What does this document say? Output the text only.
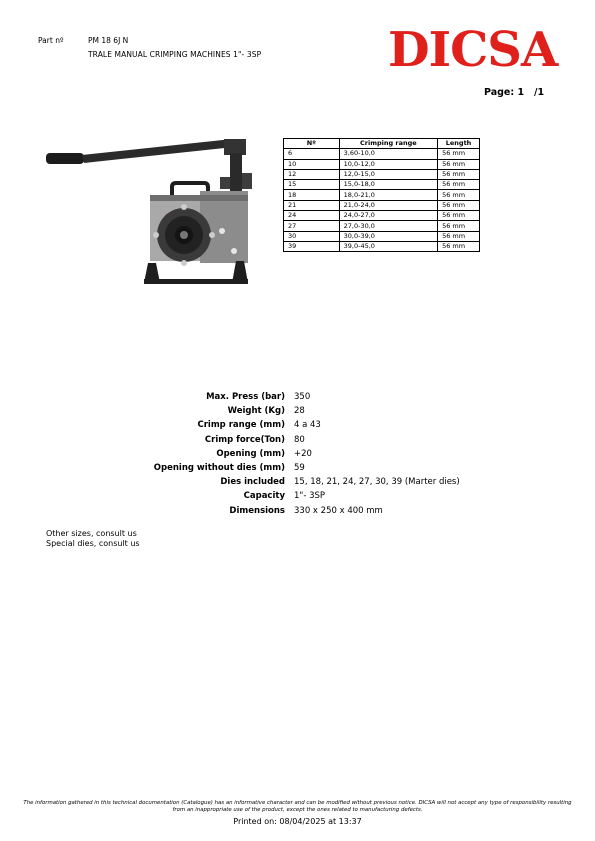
Part nº	PM 18 6J N
TRALE MANUAL CRIMPING MACHINES 1"- 3SP	DICSA
Page: 1   /1
Nº	Crimping range	Length
6	3,60-10,0	56 mm
10	10,0-12,0	56 mm
12	12,0-15,0	56 mm
15	15,0-18,0	56 mm
18	18,0-21,0	56 mm
21	21,0-24,0	56 mm
24	24,0-27,0	56 mm
27	27,0-30,0	56 mm
30	30,0-39,0	56 mm
39	39,0-45,0	56 mm
Max. Press (bar) 350
Weight (Kg) 28
Crimp range (mm) 4 a 43
Crimp force(Ton) 80
Opening (mm) +20
Opening without dies (mm) 59
Dies included 15, 18, 21, 24, 27, 30, 39 (Marter dies)
Capacity 1"- 3SP
Dimensions 330 x 250 x 400 mm
Other sizes, consult us
Special dies, consult us
The information gathered in this technical documentation (Catalogue) has an informative character and can be modified without previous notice. DICSA will not accept any type of responsibility resulting from an inappropriate use of the product, except the ones related to manufacturing defects.
Printed on: 08/04/2025 at 13:37
